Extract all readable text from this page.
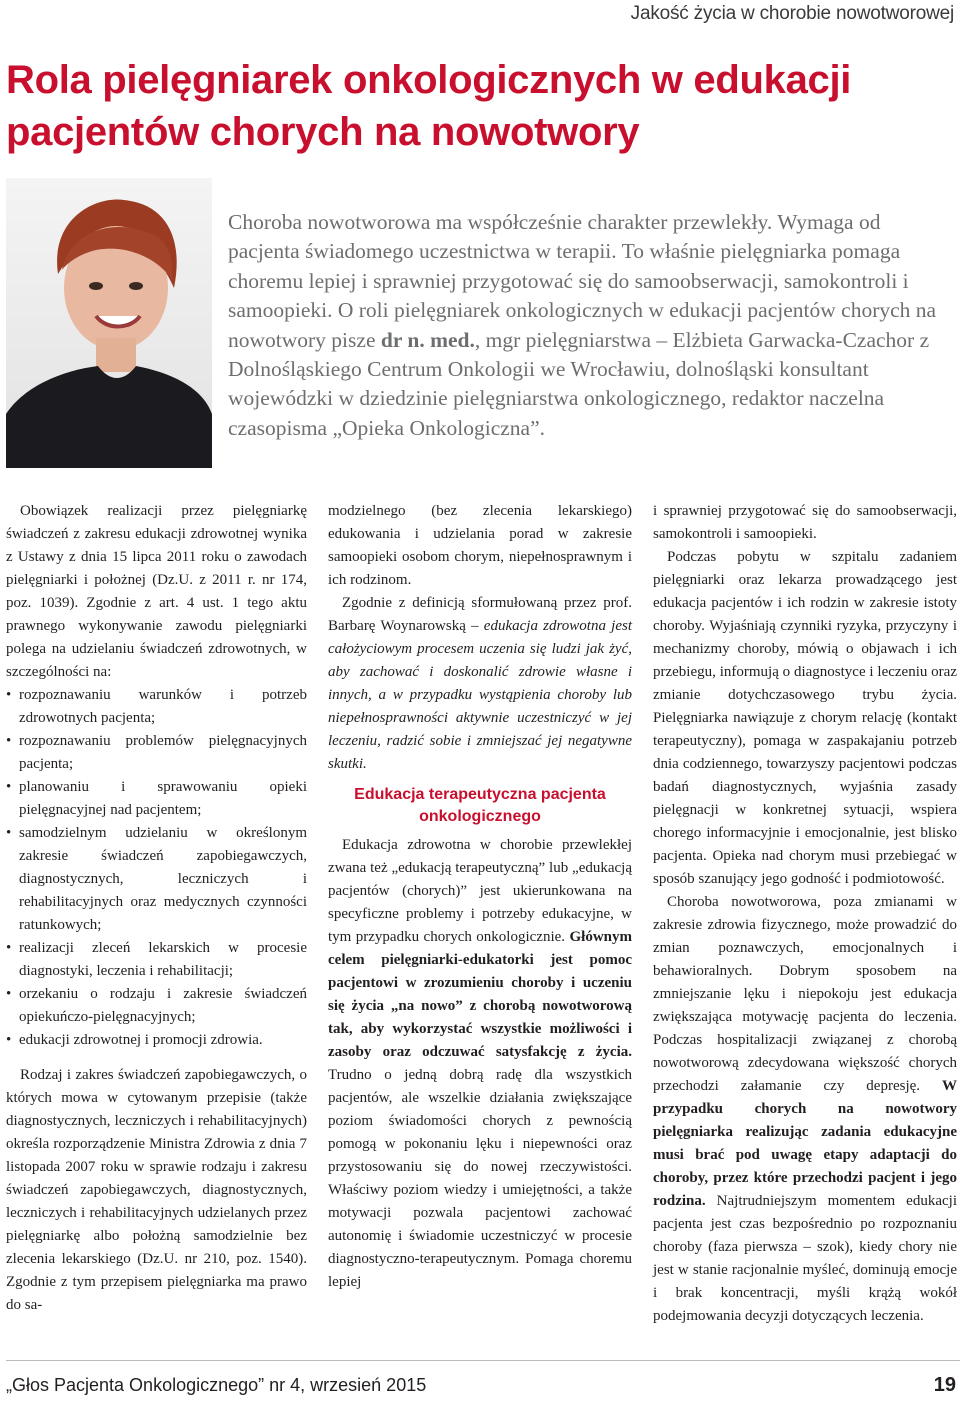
Jakość życia w chorobie nowotworowej
Rola pielęgniarek onkologicznych w edukacji pacjentów chorych na nowotwory

Choroba nowotworowa ma współcześnie charakter przewlekły. Wymaga od pacjenta świadomego uczestnictwa w terapii. To właśnie pielęgniarka pomaga choremu lepiej i sprawniej przygotować się do samoobserwacji, samokontroli i samoopieki. O roli pielęgniarek onkologicznych w edukacji pacjentów chorych na nowotwory pisze dr n. med., mgr pielęgniarstwa – Elżbieta Garwacka-Czachor z Dolnośląskiego Centrum Onkologii we Wrocławiu, dolnośląski konsultant wojewódzki w dziedzinie pielęgniarstwa onkologicznego, redaktor naczelna czasopisma „Opieka Onkologiczna”.

Obowiązek realizacji przez pielęgniarkę świadczeń z zakresu edukacji zdrowotnej wynika z Ustawy z dnia 15 lipca 2011 roku o zawodach pielęgniarki i położnej (Dz.U. z 2011 r. nr 174, poz. 1039). Zgodnie z art. 4 ust. 1 tego aktu prawnego wykonywanie zawodu pielęgniarki polega na udzielaniu świadczeń zdrowotnych, w szczególności na:

• rozpoznawaniu warunków i potrzeb zdrowotnych pacjenta;
• rozpoznawaniu problemów pielęgnacyjnych pacjenta;
• planowaniu i sprawowaniu opieki pielęgnacyjnej nad pacjentem;
• samodzielnym udzielaniu w określonym zakresie świadczeń zapobiegawczych, diagnostycznych, leczniczych i rehabilitacyjnych oraz medycznych czynności ratunkowych;
• realizacji zleceń lekarskich w procesie diagnostyki, leczenia i rehabilitacji;
• orzekaniu o rodzaju i zakresie świadczeń opiekuńczo-pielęgnacyjnych;
• edukacji zdrowotnej i promocji zdrowia.

Rodzaj i zakres świadczeń zapobiegawczych, o których mowa w cytowanym przepisie (także diagnostycznych, leczniczych i rehabilitacyjnych) określa rozporządzenie Ministra Zdrowia z dnia 7 listopada 2007 roku w sprawie rodzaju i zakresu świadczeń zapobiegawczych, diagnostycznych, leczniczych i rehabilitacyjnych udzielanych przez pielęgniarkę albo położną samodzielnie bez zlecenia lekarskiego (Dz.U. nr 210, poz. 1540). Zgodnie z tym przepisem pielęgniarka ma prawo do sa-

modzielnego (bez zlecenia lekarskiego) edukowania i udzielania porad w zakresie samoopieki osobom chorym, niepełnosprawnym i ich rodzinom.

Zgodnie z definicją sformułowaną przez prof. Barbarę Woynarowską – edukacja zdrowotna jest całożyciowym procesem uczenia się ludzi jak żyć, aby zachować i doskonalić zdrowie własne i innych, a w przypadku wystąpienia choroby lub niepełnosprawności aktywnie uczestniczyć w jej leczeniu, radzić sobie i zmniejszać jej negatywne skutki.

Edukacja terapeutyczna pacjenta onkologicznego

Edukacja zdrowotna w chorobie przewlekłej zwana też „edukacją terapeutyczną” lub „edukacją pacjentów (chorych)” jest ukierunkowana na specyficzne problemy i potrzeby edukacyjne, w tym przypadku chorych onkologicznie. Głównym celem pielęgniarki-edukatorki jest pomoc pacjentowi w zrozumieniu choroby i uczeniu się życia „na nowo” z chorobą nowotworową tak, aby wykorzystać wszystkie możliwości i zasoby oraz odczuwać satysfakcję z życia. Trudno o jedną dobrą radę dla wszystkich pacjentów, ale wszelkie działania zwiększające poziom świadomości chorych z pewnością pomogą w pokonaniu lęku i niepewności oraz przystosowaniu się do nowej rzeczywistości. Właściwy poziom wiedzy i umiejętności, a także motywacji pozwala pacjentowi zachować autonomię i świadomie uczestniczyć w procesie diagnostyczno-terapeutycznym. Pomaga choremu lepiej

i sprawniej przygotować się do samoobserwacji, samokontroli i samoopieki.

Podczas pobytu w szpitalu zadaniem pielęgniarki oraz lekarza prowadzącego jest edukacja pacjentów i ich rodzin w zakresie istoty choroby. Wyjaśniają czynniki ryzyka, przyczyny i mechanizmy choroby, mówią o objawach i ich przebiegu, informują o diagnostyce i leczeniu oraz zmianie dotychczasowego trybu życia. Pielęgniarka nawiązuje z chorym relację (kontakt terapeutyczny), pomaga w zaspakajaniu potrzeb dnia codziennego, towarzyszy pacjentowi podczas badań diagnostycznych, wyjaśnia zasady pielęgnacji w konkretnej sytuacji, wspiera chorego informacyjnie i emocjonalnie, jest blisko pacjenta. Opieka nad chorym musi przebiegać w sposób szanujący jego godność i podmiotowość.

Choroba nowotworowa, poza zmianami w zakresie zdrowia fizycznego, może prowadzić do zmian poznawczych, emocjonalnych i behawioralnych. Dobrym sposobem na zmniejszanie lęku i niepokoju jest edukacja zwiększająca motywację pacjenta do leczenia. Podczas hospitalizacji związanej z chorobą nowotworową zdecydowana większość chorych przechodzi załamanie czy depresję. W przypadku chorych na nowotwory pielęgniarka realizując zadania edukacyjne musi brać pod uwagę etapy adaptacji do choroby, przez które przechodzi pacjent i jego rodzina. Najtrudniejszym momentem edukacji pacjenta jest czas bezpośrednio po rozpoznaniu choroby (faza pierwsza – szok), kiedy chory nie jest w stanie racjonalnie myśleć, dominują emocje i brak koncentracji, myśli krążą wokół podejmowania decyzji dotyczących leczenia.

„Głos Pacjenta Onkologicznego” nr 4, wrzesień 2015	19
